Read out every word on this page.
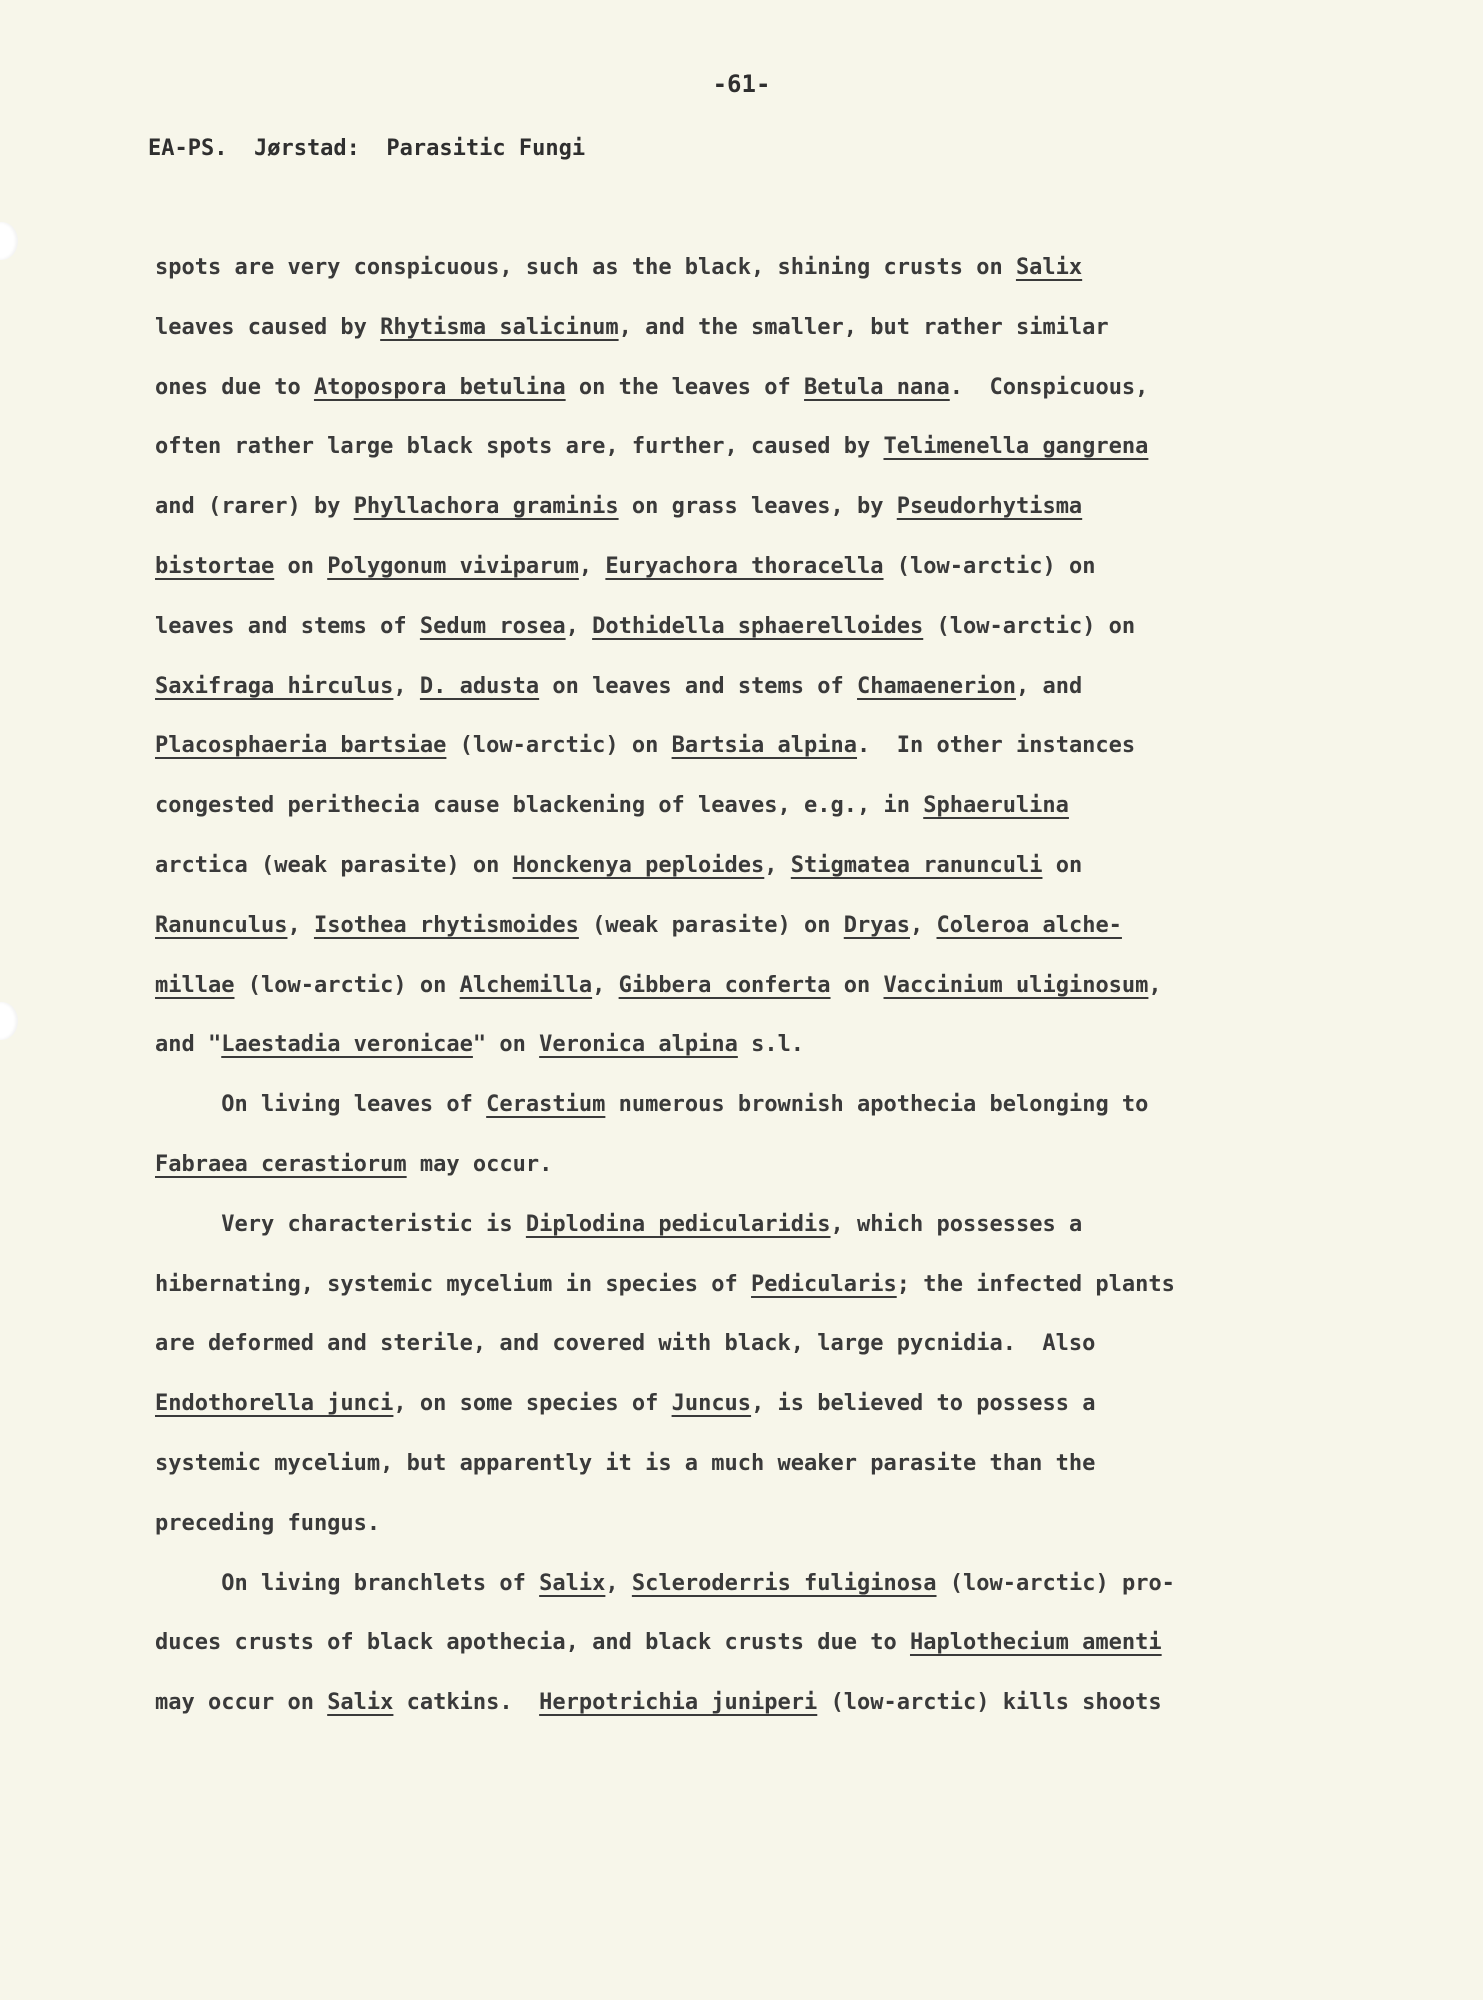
-61-
EA-PS.  Jørstad:  Parasitic Fungi
spots are very conspicuous, such as the black, shining crusts on Salix
leaves caused by Rhytisma salicinum, and the smaller, but rather similar
ones due to Atopospora betulina on the leaves of Betula nana.  Conspicuous,
often rather large black spots are, further, caused by Telimenella gangrena
and (rarer) by Phyllachora graminis on grass leaves, by Pseudorhytisma
bistortae on Polygonum viviparum, Euryachora thoracella (low-arctic) on
leaves and stems of Sedum rosea, Dothidella sphaerelloides (low-arctic) on
Saxifraga hirculus, D. adusta on leaves and stems of Chamaenerion, and
Placosphaeria bartsiae (low-arctic) on Bartsia alpina.  In other instances
congested perithecia cause blackening of leaves, e.g., in Sphaerulina
arctica (weak parasite) on Honckenya peploides, Stigmatea ranunculi on
Ranunculus, Isothea rhytismoides (weak parasite) on Dryas, Coleroa alche-
millae (low-arctic) on Alchemilla, Gibbera conferta on Vaccinium uliginosum,
and "Laestadia veronicae" on Veronica alpina s.l.
On living leaves of Cerastium numerous brownish apothecia belonging to
Fabraea cerastiorum may occur.
Very characteristic is Diplodina pedicularidis, which possesses a
hibernating, systemic mycelium in species of Pedicularis; the infected plants
are deformed and sterile, and covered with black, large pycnidia.  Also
Endothorella junci, on some species of Juncus, is believed to possess a
systemic mycelium, but apparently it is a much weaker parasite than the
preceding fungus.
On living branchlets of Salix, Scleroderris fuliginosa (low-arctic) pro-
duces crusts of black apothecia, and black crusts due to Haplothecium amenti
may occur on Salix catkins.  Herpotrichia juniperi (low-arctic) kills shoots
